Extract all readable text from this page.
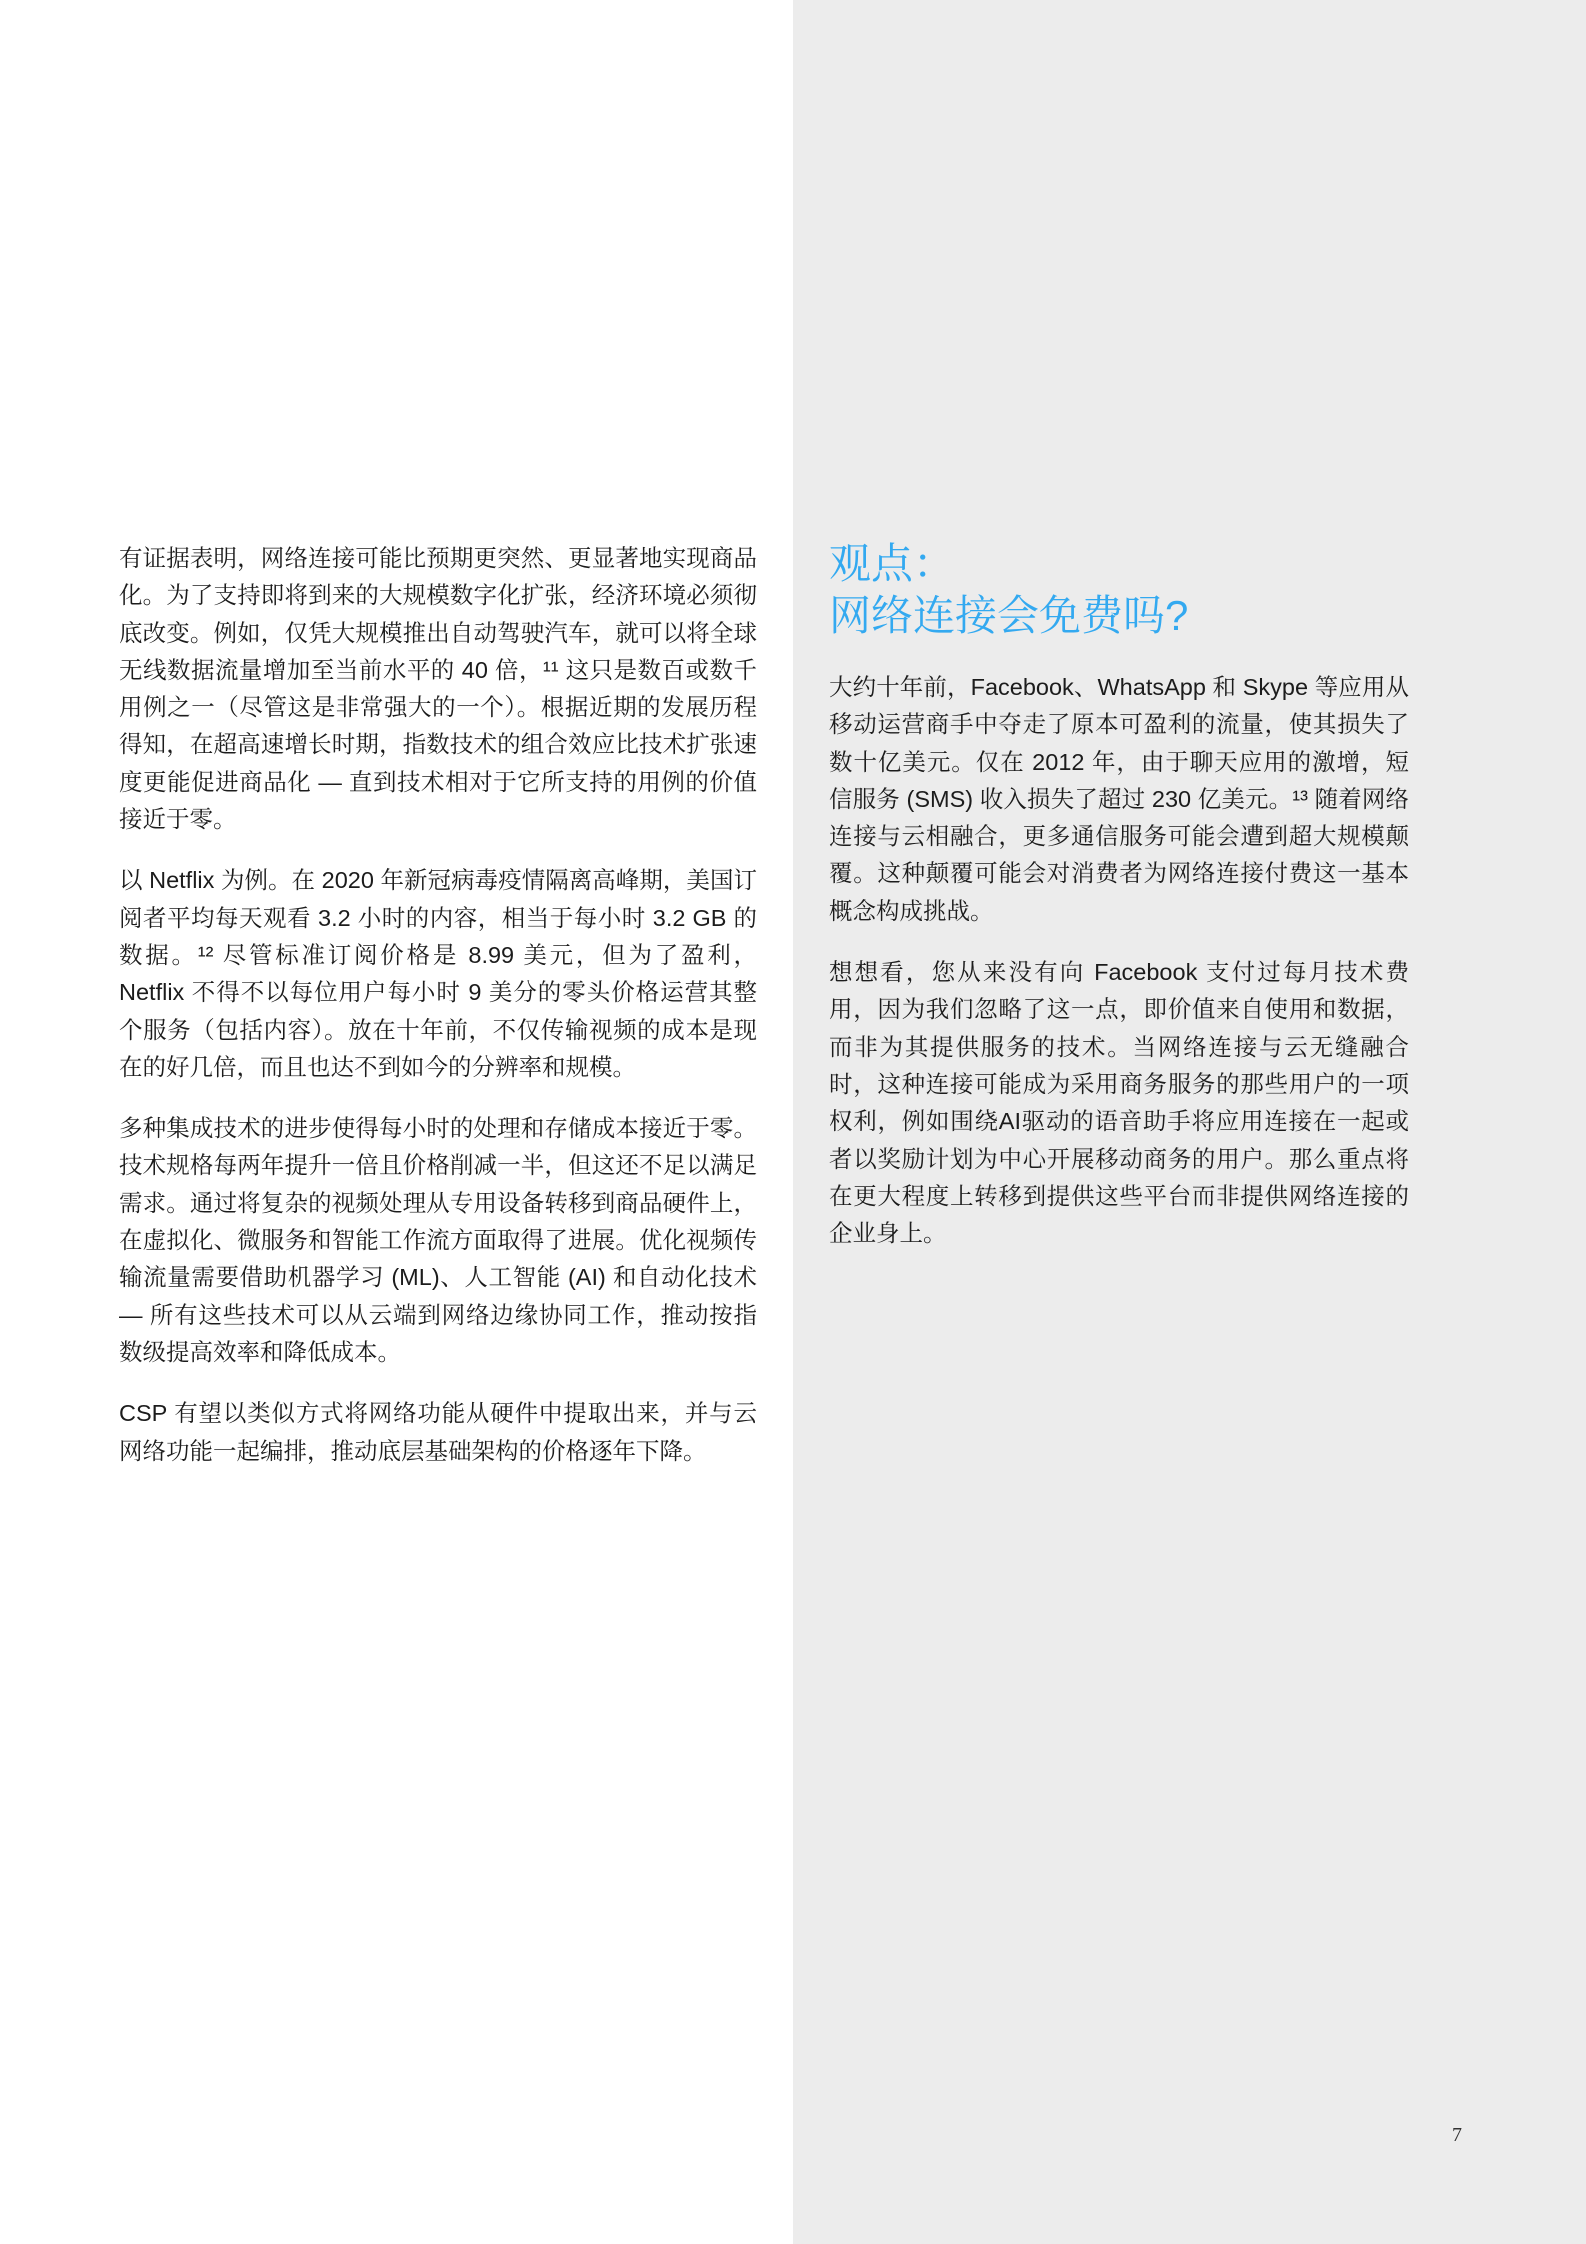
有证据表明，网络连接可能比预期更突然、更显著地实现商品化。为了支持即将到来的大规模数字化扩张，经济环境必须彻底改变。例如，仅凭大规模推出自动驾驶汽车，就可以将全球无线数据流量增加至当前水平的 40 倍，¹¹ 这只是数百或数千用例之一（尽管这是非常强大的一个）。根据近期的发展历程得知，在超高速增长时期，指数技术的组合效应比技术扩张速度更能促进商品化 — 直到技术相对于它所支持的用例的价值接近于零。

以 Netflix 为例。在 2020 年新冠病毒疫情隔离高峰期，美国订阅者平均每天观看 3.2 小时的内容，相当于每小时 3.2 GB 的数据。¹² 尽管标准订阅价格是 8.99 美元，但为了盈利，Netflix 不得不以每位用户每小时 9 美分的零头价格运营其整个服务（包括内容）。放在十年前，不仅传输视频的成本是现在的好几倍，而且也达不到如今的分辨率和规模。

多种集成技术的进步使得每小时的处理和存储成本接近于零。技术规格每两年提升一倍且价格削减一半，但这还不足以满足需求。通过将复杂的视频处理从专用设备转移到商品硬件上，在虚拟化、微服务和智能工作流方面取得了进展。优化视频传输流量需要借助机器学习 (ML)、人工智能 (AI) 和自动化技术 — 所有这些技术可以从云端到网络边缘协同工作，推动按指数级提高效率和降低成本。

CSP 有望以类似方式将网络功能从硬件中提取出来，并与云网络功能一起编排，推动底层基础架构的价格逐年下降。

观点：
网络连接会免费吗?

大约十年前，Facebook、WhatsApp 和 Skype 等应用从移动运营商手中夺走了原本可盈利的流量，使其损失了数十亿美元。仅在 2012 年，由于聊天应用的激增，短信服务 (SMS) 收入损失了超过 230 亿美元。¹³ 随着网络连接与云相融合，更多通信服务可能会遭到超大规模颠覆。这种颠覆可能会对消费者为网络连接付费这一基本概念构成挑战。

想想看，您从来没有向 Facebook 支付过每月技术费用，因为我们忽略了这一点，即价值来自使用和数据，而非为其提供服务的技术。当网络连接与云无缝融合时，这种连接可能成为采用商务服务的那些用户的一项权利，例如围绕AI驱动的语音助手将应用连接在一起或者以奖励计划为中心开展移动商务的用户。那么重点将在更大程度上转移到提供这些平台而非提供网络连接的企业身上。

7
